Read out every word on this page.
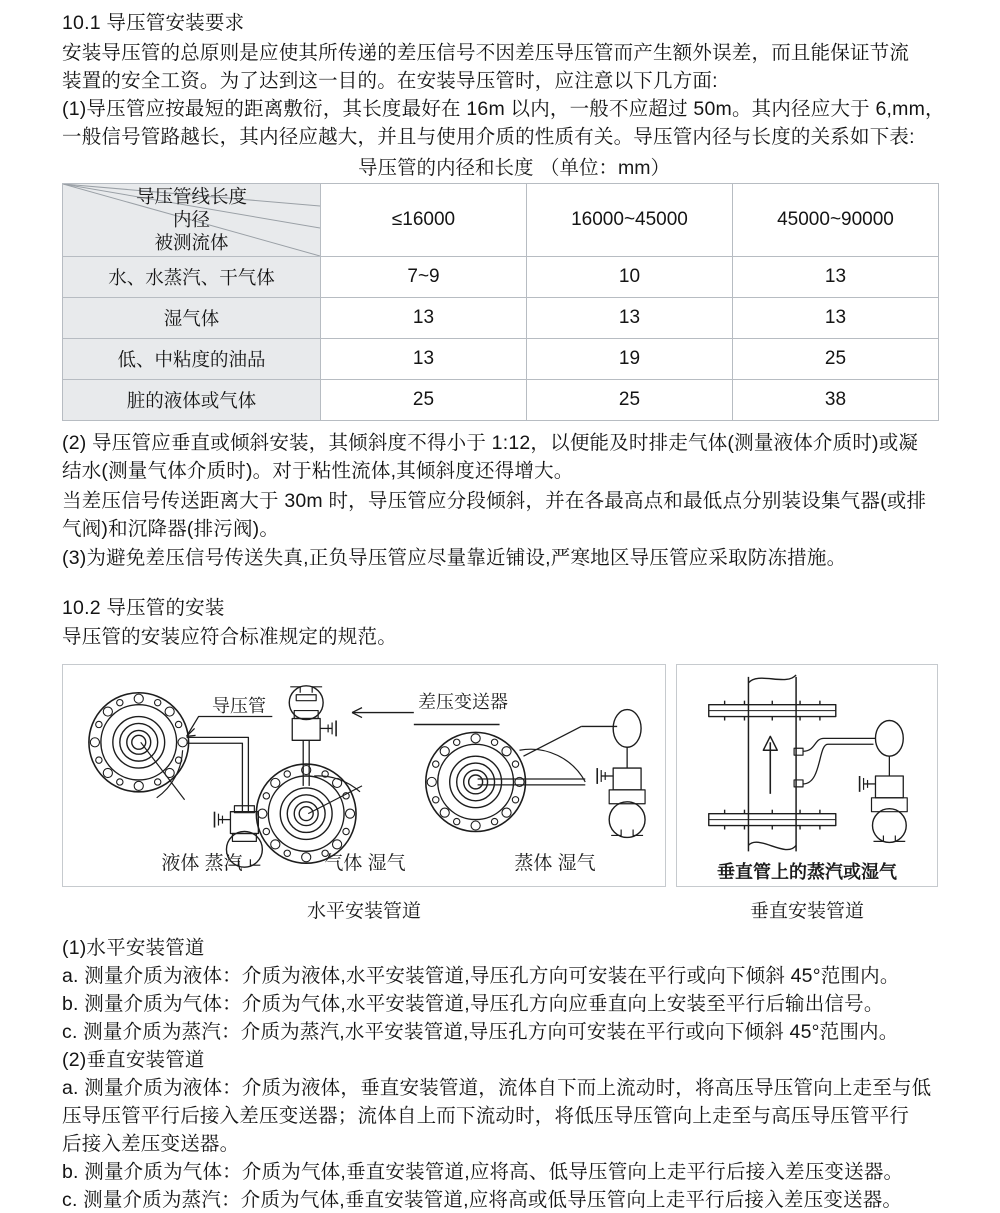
10.1 导压管安装要求
安装导压管的总原则是应使其所传递的差压信号不因差压导压管而产生额外误差，而且能保证节流
装置的安全工资。为了达到这一目的。在安装导压管时，应注意以下几方面:
(1)导压管应按最短的距离敷衍，其长度最好在 16m 以内，一般不应超过 50m。其内径应大于 6,mm，
一般信号管路越长，其内径应越大，并且与使用介质的性质有关。导压管内径与长度的关系如下表:
导压管的内径和长度 （单位：mm）
导压管线长度
内径
被测流体	≤16000	16000~45000	45000~90000
水、水蒸汽、干气体	7~9	10	13
湿气体	13	13	13
低、中粘度的油品	13	19	25
脏的液体或气体	25	25	38
(2) 导压管应垂直或倾斜安装，其倾斜度不得小于 1:12，以便能及时排走气体(测量液体介质时)或凝
结水(测量气体介质时)。对于粘性流体,其倾斜度还得增大。
当差压信号传送距离大于 30m 时，导压管应分段倾斜，并在各最高点和最低点分别装设集气器(或排
气阀)和沉降器(排污阀)。
(3)为避免差压信号传送失真,正负导压管应尽量靠近铺设,严寒地区导压管应采取防冻措施。
10.2 导压管的安装
导压管的安装应符合标准规定的规范。
导压管	差压变送器
液体 蒸汽	气体 湿气	蒸体 湿气	垂直管上的蒸汽或湿气
水平安装管道	垂直安装管道
(1)水平安装管道
a. 测量介质为液体：介质为液体,水平安装管道,导压孔方向可安装在平行或向下倾斜 45°范围内。
b. 测量介质为气体：介质为气体,水平安装管道,导压孔方向应垂直向上安装至平行后输出信号。
c. 测量介质为蒸汽：介质为蒸汽,水平安装管道,导压孔方向可安装在平行或向下倾斜 45°范围内。
(2)垂直安装管道
a. 测量介质为液体：介质为液体，垂直安装管道，流体自下而上流动时，将高压导压管向上走至与低
压导压管平行后接入差压变送器；流体自上而下流动时，将低压导压管向上走至与高压导压管平行
后接入差压变送器。
b. 测量介质为气体：介质为气体,垂直安装管道,应将高、低导压管向上走平行后接入差压变送器。
c. 测量介质为蒸汽：介质为气体,垂直安装管道,应将高或低导压管向上走平行后接入差压变送器。
